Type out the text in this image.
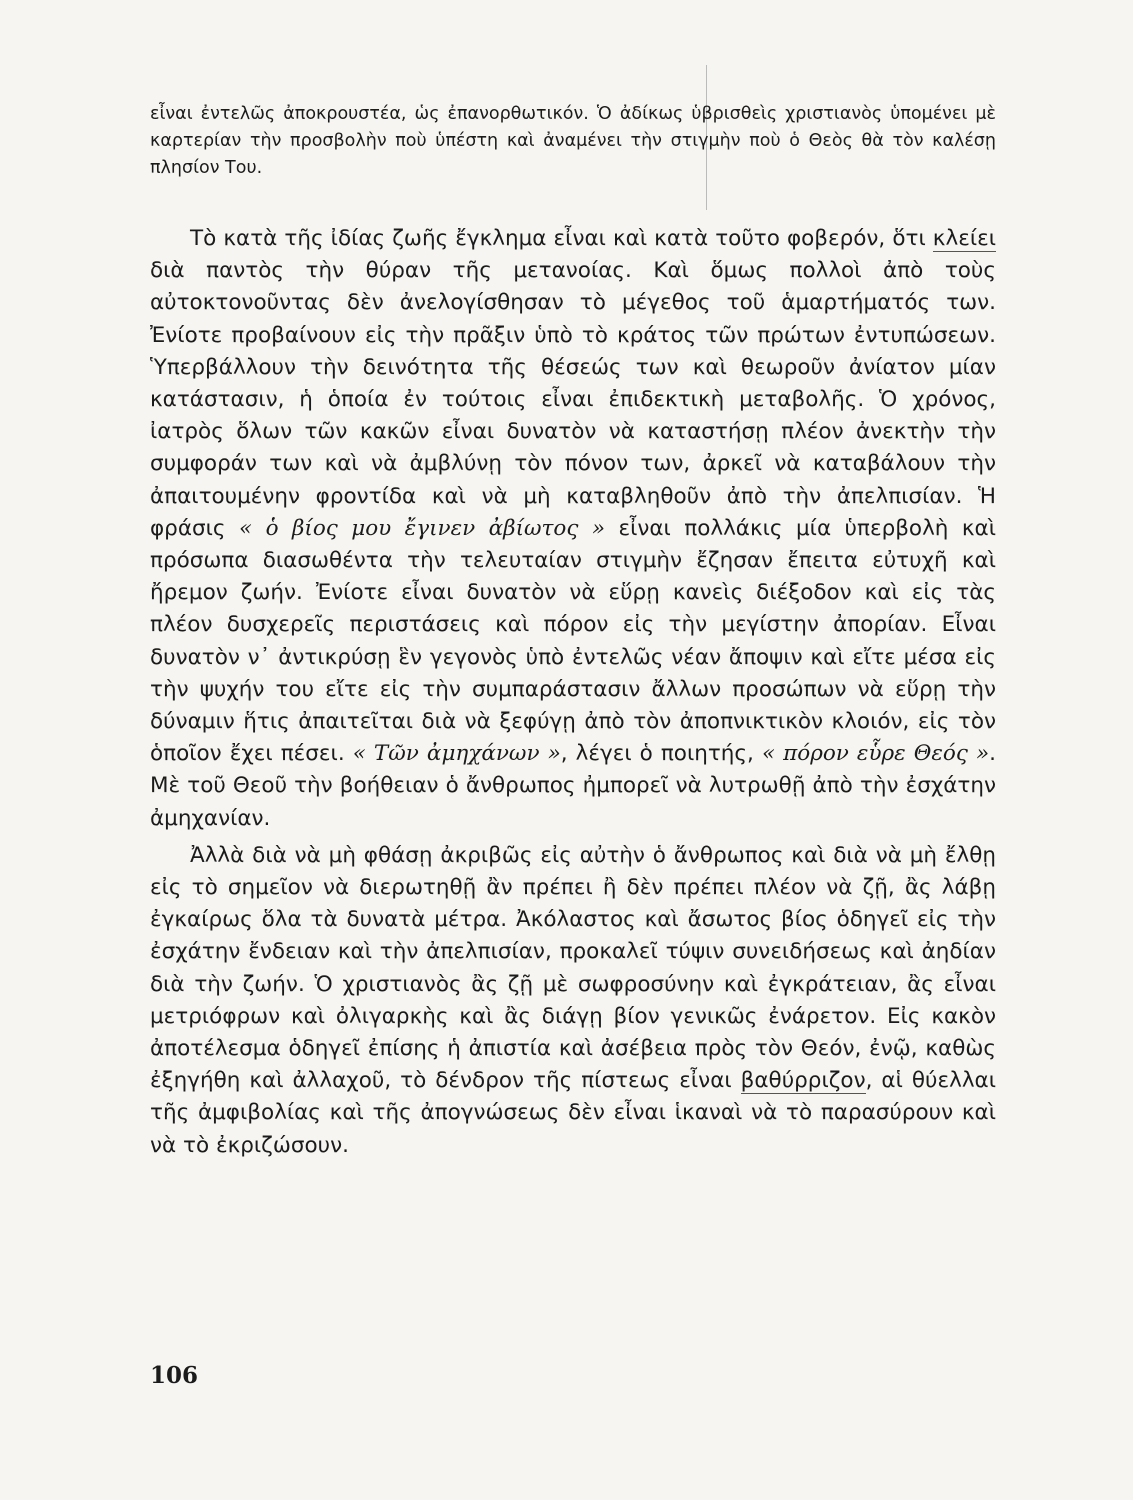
εἶναι ἐντελῶς ἀποκρουστέα, ὡς ἐπανορθωτικόν. Ὁ ἀδίκως ὑβρισθεὶς χριστιανὸς ὑπομένει μὲ καρτερίαν τὴν προσβολὴν ποὺ ὑπέστη καὶ ἀναμένει τὴν στιγμὴν ποὺ ὁ Θεὸς θὰ τὸν καλέσῃ πλησίον Του.

Τὸ κατὰ τῆς ἰδίας ζωῆς ἔγκλημα εἶναι καὶ κατὰ τοῦτο φοβερόν, ὅτι κλείει διὰ παντὸς τὴν θύραν τῆς μετανοίας. Καὶ ὅμως πολλοὶ ἀπὸ τοὺς αὐτοκτονοῦντας δὲν ἀνελογίσθησαν τὸ μέγεθος τοῦ ἁμαρτήματός των. Ἐνίοτε προβαίνουν εἰς τὴν πρᾶξιν ὑπὸ τὸ κράτος τῶν πρώτων ἐντυπώσεων. Ὑπερβάλλουν τὴν δεινότητα τῆς θέσεώς των καὶ θεωροῦν ἀνίατον μίαν κατάστασιν, ἡ ὁποία ἐν τούτοις εἶναι ἐπιδεκτικὴ μεταβολῆς. Ὁ χρόνος, ἰατρὸς ὅλων τῶν κακῶν εἶναι δυνατὸν νὰ καταστήσῃ πλέον ἀνεκτὴν τὴν συμφοράν των καὶ νὰ ἀμβλύνῃ τὸν πόνον των, ἀρκεῖ νὰ καταβάλουν τὴν ἀπαιτουμένην φροντίδα καὶ νὰ μὴ καταβληθοῦν ἀπὸ τὴν ἀπελπισίαν. Ἡ φράσις « ὁ βίος μου ἔγινεν ἀβίωτος » εἶναι πολλάκις μία ὑπερβολὴ καὶ πρόσωπα διασωθέντα τὴν τελευταίαν στιγμὴν ἔζησαν ἔπειτα εὐτυχῆ καὶ ἤρεμον ζωήν. Ἐνίοτε εἶναι δυνατὸν νὰ εὕρῃ κανεὶς διέξοδον καὶ εἰς τὰς πλέον δυσχερεῖς περιστάσεις καὶ πόρον εἰς τὴν μεγίστην ἀπορίαν. Εἶναι δυνατὸν ν᾽ ἀντικρύσῃ ἓν γεγονὸς ὑπὸ ἐντελῶς νέαν ἄποψιν καὶ εἴτε μέσα εἰς τὴν ψυχήν του εἴτε εἰς τὴν συμπαράστασιν ἄλλων προσώπων νὰ εὕρῃ τὴν δύναμιν ἥτις ἀπαιτεῖται διὰ νὰ ξεφύγῃ ἀπὸ τὸν ἀποπνικτικὸν κλοιόν, εἰς τὸν ὁποῖον ἔχει πέσει. « Τῶν ἀμηχάνων », λέγει ὁ ποιητής, « πόρον εὗρε Θεός ». Μὲ τοῦ Θεοῦ τὴν βοήθειαν ὁ ἄνθρωπος ἠμπορεῖ νὰ λυτρωθῇ ἀπὸ τὴν ἐσχάτην ἀμηχανίαν.

Ἀλλὰ διὰ νὰ μὴ φθάσῃ ἀκριβῶς εἰς αὐτὴν ὁ ἄνθρωπος καὶ διὰ νὰ μὴ ἔλθῃ εἰς τὸ σημεῖον νὰ διερωτηθῇ ἂν πρέπει ἢ δὲν πρέπει πλέον νὰ ζῇ, ἂς λάβῃ ἐγκαίρως ὅλα τὰ δυνατὰ μέτρα. Ἀκόλαστος καὶ ἄσωτος βίος ὁδηγεῖ εἰς τὴν ἐσχάτην ἔνδειαν καὶ τὴν ἀπελπισίαν, προκαλεῖ τύψιν συνειδήσεως καὶ ἀηδίαν διὰ τὴν ζωήν. Ὁ χριστιανὸς ἂς ζῇ μὲ σωφροσύνην καὶ ἐγκράτειαν, ἂς εἶναι μετριόφρων καὶ ὀλιγαρκὴς καὶ ἂς διάγῃ βίον γενικῶς ἐνάρετον. Εἰς κακὸν ἀποτέλεσμα ὁδηγεῖ ἐπίσης ἡ ἀπιστία καὶ ἀσέβεια πρὸς τὸν Θεόν, ἐνῷ, καθὼς ἐξηγήθη καὶ ἀλλαχοῦ, τὸ δένδρον τῆς πίστεως εἶναι βαθύρριζον, αἱ θύελλαι τῆς ἀμφιβολίας καὶ τῆς ἀπογνώσεως δὲν εἶναι ἱκαναὶ νὰ τὸ παρασύρουν καὶ νὰ τὸ ἐκριζώσουν.

106
